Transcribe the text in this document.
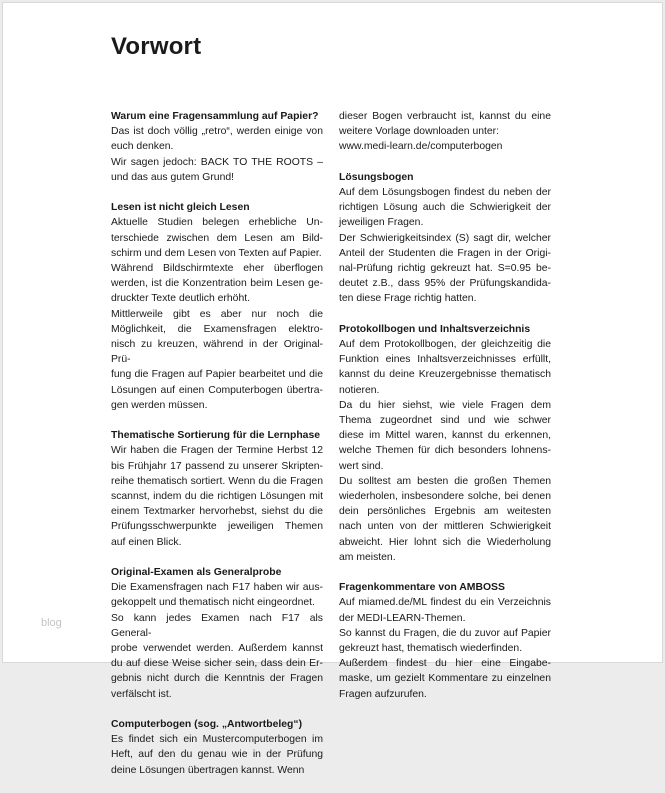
Vorwort
Warum eine Fragensammlung auf Papier?
Das ist doch völlig „retro“, werden einige von
euch denken.
Wir sagen jedoch: BACK TO THE ROOTS –
und das aus gutem Grund!
Lesen ist nicht gleich Lesen
Aktuelle Studien belegen erhebliche Un-
terschiede zwischen dem Lesen am Bild-
schirm und dem Lesen von Texten auf Papier.
Während Bildschirmtexte eher überflogen
werden, ist die Konzentration beim Lesen ge-
druckter Texte deutlich erhöht.
Mittlerweile gibt es aber nur noch die
Möglichkeit, die Examensfragen elektro-
nisch zu kreuzen, während in der Original-Prü-
fung die Fragen auf Papier bearbeitet und die
Lösungen auf einen Computerbogen übertra-
gen werden müssen.
Thematische Sortierung für die Lernphase
Wir haben die Fragen der Termine Herbst 12
bis Frühjahr 17 passend zu unserer Skripten-
reihe thematisch sortiert. Wenn du die Fragen
scannst, indem du die richtigen Lösungen mit
einem Textmarker hervorhebst, siehst du die
Prüfungsschwerpunkte jeweiligen Themen
auf einen Blick.
Original-Examen als Generalprobe
Die Examensfragen nach F17 haben wir aus-
gekoppelt und thematisch nicht eingeordnet.
So kann jedes Examen nach F17 als General-
probe verwendet werden. Außerdem kannst
du auf diese Weise sicher sein, dass dein Er-
gebnis nicht durch die Kenntnis der Fragen
verfälscht ist.
Computerbogen (sog. „Antwortbeleg“)
Es findet sich ein Mustercomputerbogen im
Heft, auf den du genau wie in der Prüfung
deine Lösungen übertragen kannst. Wenn
dieser Bogen verbraucht ist, kannst du eine
weitere Vorlage downloaden unter:
www.medi-learn.de/computerbogen
Lösungsbogen
Auf dem Lösungsbogen findest du neben der
richtigen Lösung auch die Schwierigkeit der
jeweiligen Fragen.
Der Schwierigkeitsindex (S) sagt dir, welcher
Anteil der Studenten die Fragen in der Origi-
nal-Prüfung richtig gekreuzt hat. S=0.95 be-
deutet z.B., dass 95% der Prüfungskandida-
ten diese Frage richtig hatten.
Protokollbogen und Inhaltsverzeichnis
Auf dem Protokollbogen, der gleichzeitig die
Funktion eines Inhaltsverzeichnisses erfüllt,
kannst du deine Kreuzergebnisse thematisch
notieren.
Da du hier siehst, wie viele Fragen dem
Thema zugeordnet sind und wie schwer
diese im Mittel waren, kannst du erkennen,
welche Themen für dich besonders lohnens-
wert sind.
Du solltest am besten die großen Themen
wiederholen, insbesondere solche, bei denen
dein persönliches Ergebnis am weitesten
nach unten von der mittleren Schwierigkeit
abweicht. Hier lohnt sich die Wiederholung
am meisten.
Fragenkommentare von AMBOSS
Auf miamed.de/ML findest du ein Verzeichnis
der MEDI-LEARN-Themen.
So kannst du Fragen, die du zuvor auf Papier
gekreuzt hast, thematisch wiederfinden.
Außerdem findest du hier eine Eingabe-
maske, um gezielt Kommentare zu einzelnen
Fragen aufzurufen.
blog
